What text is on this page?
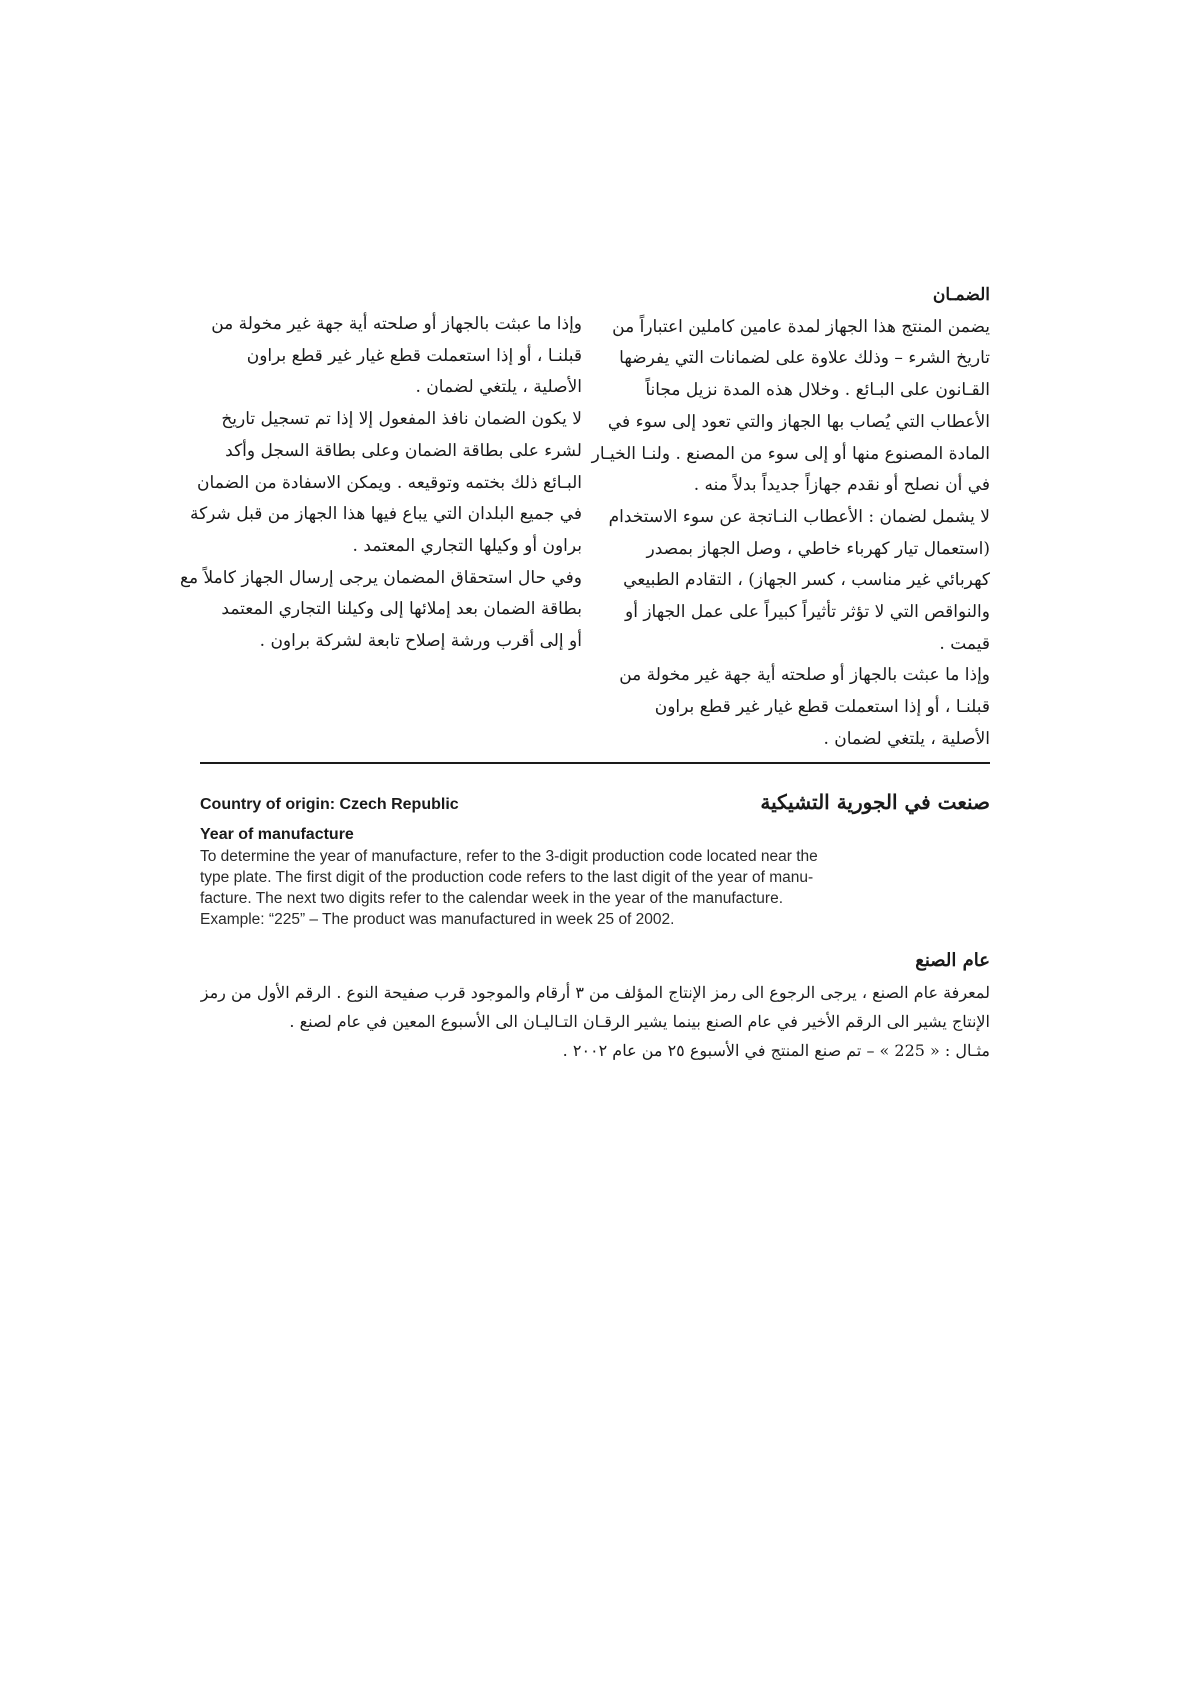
الضمـان
يضمن المنتج هذا الجهاز لمدة عامين كاملين اعتباراً من
تاريخ الشرء – وذلك علاوة على لضمانات التي يفرضها
القـانون على البـائع . وخلال هذه المدة نزيل مجاناً
الأعطاب التي يُصاب بها الجهاز والتي تعود إلى سوء في
المادة المصنوع منها أو إلى سوء من المصنع . ولنـا الخيـار
في أن نصلح أو نقدم جهازاً جديداً بدلاً منه .
لا يشمل لضمان : الأعطاب النـاتجة عن سوء الاستخدام
(استعمال تيار كهرباء خاطي ، وصل الجهاز بمصدر
كهربائي غير مناسب ، كسر الجهاز) ، التقادم الطبيعي
والنواقص التي لا تؤثر تأثيراً كبيراً على عمل الجهاز أو
قيمت .
وإذا ما عبثت بالجهاز أو صلحته أية جهة غير مخولة من
قبلنـا ، أو إذا استعملت قطع غيار غير قطع براون
الأصلية ، يلتغي لضمان .
وإذا ما عبثت بالجهاز أو صلحته أية جهة غير مخولة من
قبلنـا ، أو إذا استعملت قطع غيار غير قطع براون
الأصلية ، يلتغي لضمان .
لا يكون الضمان نافذ المفعول إلا إذا تم تسجيل تاريخ
لشرء على بطاقة الضمان وعلى بطاقة السجل وأكد
البـائع ذلك بختمه وتوقيعه . ويمكن الاسفادة من الضمان
في جميع البلدان التي يباع فيها هذا الجهاز من قبل شركة
براون أو وكيلها التجاري المعتمد .
وفي حال استحقاق المضمان يرجى إرسال الجهاز كاملاً مع
بطاقة الضمان بعد إملائها إلى وكيلنا التجاري المعتمد
أو إلى أقرب ورشة إصلاح تابعة لشركة براون .
Country of origin: Czech Republic	صنعت في الجورية التشيكية
Year of manufacture
To determine the year of manufacture, refer to the 3-digit production code located near the
type plate. The first digit of the production code refers to the last digit of the year of manu-
facture. The next two digits refer to the calendar week in the year of the manufacture.
Example: “225” – The product was manufactured in week 25 of 2002.
عام الصنع
لمعرفة عام الصنع ، يرجى الرجوع الى رمز الإنتاج المؤلف من ٣ أرقام والموجود قرب صفيحة النوع . الرقم الأول من رمز
الإنتاج يشير الى الرقم الأخير في عام الصنع بينما يشير الرقـان التـاليـان الى الأسبوع المعين في عام لصنع .
مثـال : « 225 » – تم صنع المنتج في الأسبوع ٢٥ من عام ٢٠٠٢ .
